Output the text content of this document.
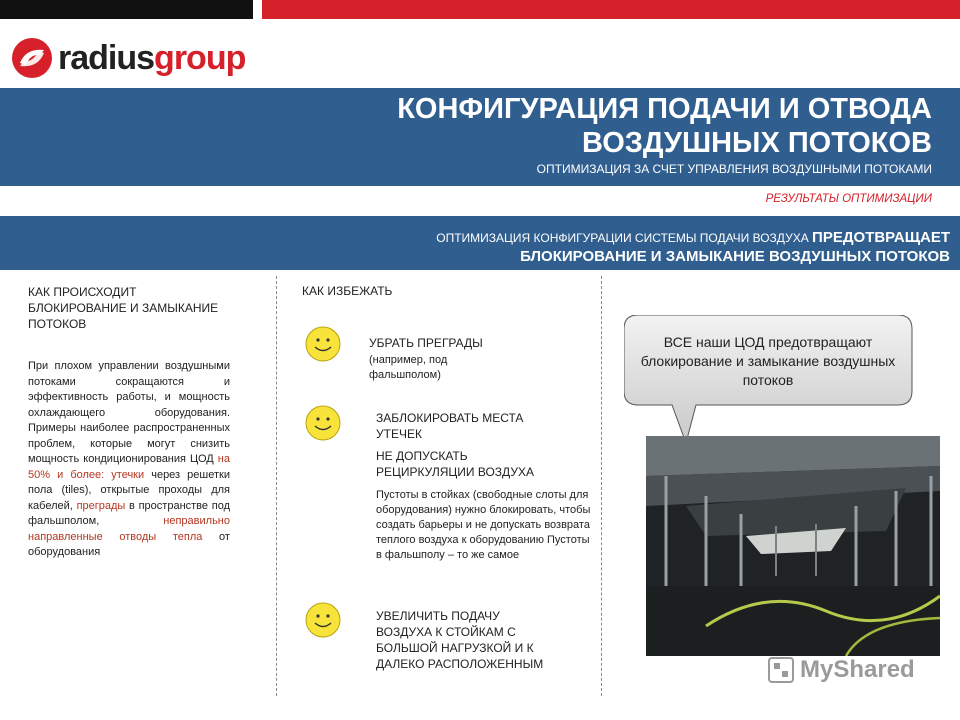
radiusgroup
КОНФИГУРАЦИЯ ПОДАЧИ И ОТВОДА ВОЗДУШНЫХ ПОТОКОВ
ОПТИМИЗАЦИЯ ЗА СЧЕТ УПРАВЛЕНИЯ ВОЗДУШНЫМИ ПОТОКАМИ
РЕЗУЛЬТАТЫ ОПТИМИЗАЦИИ
ОПТИМИЗАЦИЯ КОНФИГУРАЦИИ СИСТЕМЫ ПОДАЧИ ВОЗДУХА ПРЕДОТВРАЩАЕТ
БЛОКИРОВАНИЕ И ЗАМЫКАНИЕ ВОЗДУШНЫХ ПОТОКОВ
КАК ПРОИСХОДИТ БЛОКИРОВАНИЕ И ЗАМЫКАНИЕ ПОТОКОВ
При плохом управлении воздушными потоками сокращаются и эффективность работы, и мощность охлаждающего оборудования. Примеры наиболее распространенных проблем, которые могут снизить мощность кондиционирования ЦОД на 50% и более: утечки через решетки пола (tiles), открытые проходы для кабелей, преграды в пространстве под фальшполом, неправильно направленные отводы тепла от оборудования
КАК ИЗБЕЖАТЬ
УБРАТЬ ПРЕГРАДЫ
(например, под фальшполом)
ЗАБЛОКИРОВАТЬ МЕСТА УТЕЧЕК
НЕ ДОПУСКАТЬ РЕЦИРКУЛЯЦИИ ВОЗДУХА
Пустоты в стойках (свободные слоты для оборудования) нужно блокировать, чтобы создать барьеры и не допускать возврата теплого воздуха к оборудованию Пустоты в фальшполу – то же самое
УВЕЛИЧИТЬ ПОДАЧУ ВОЗДУХА К СТОЙКАМ С БОЛЬШОЙ НАГРУЗКОЙ И К ДАЛЕКО РАСПОЛОЖЕННЫМ
ВСЕ наши ЦОД предотвращают блокирование и замыкание воздушных потоков
MyShared
